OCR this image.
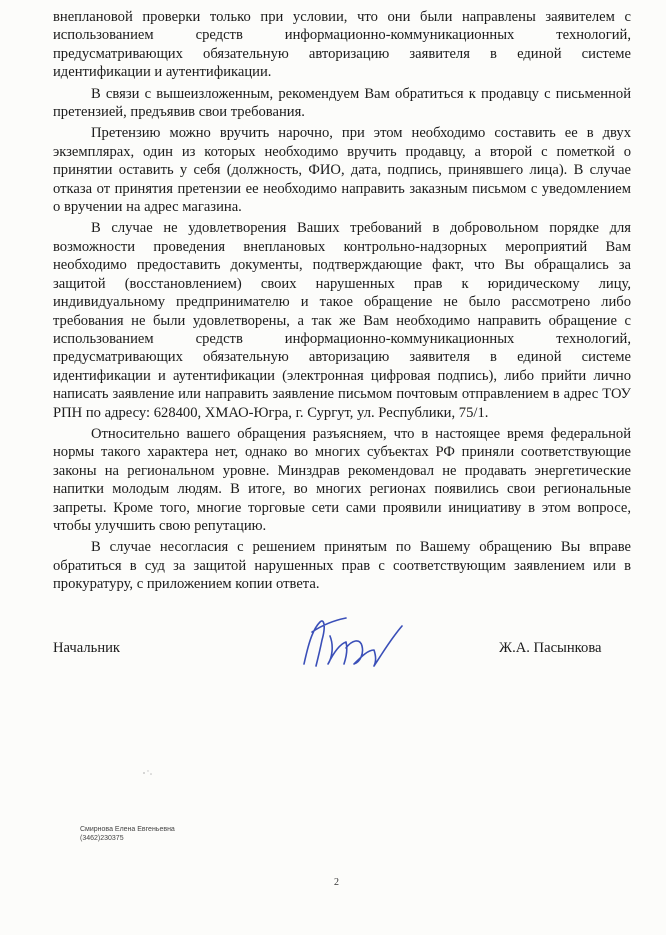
внеплановой проверки только при условии, что они были направлены заявителем с использованием средств информационно-коммуникационных технологий, предусматривающих обязательную авторизацию заявителя в единой системе идентификации и аутентификации.

В связи с вышеизложенным, рекомендуем Вам обратиться к продавцу с письменной претензией, предъявив свои требования.

Претензию можно вручить нарочно, при этом необходимо составить ее в двух экземплярах, один из которых необходимо вручить продавцу, а второй с пометкой о принятии оставить у себя (должность, ФИО, дата, подпись, принявшего лица). В случае отказа от принятия претензии ее необходимо направить заказным письмом с уведомлением о вручении на адрес магазина.

В случае не удовлетворения Ваших требований в добровольном порядке для возможности проведения внеплановых контрольно-надзорных мероприятий Вам необходимо предоставить документы, подтверждающие факт, что Вы обращались за защитой (восстановлением) своих нарушенных прав к юридическому лицу, индивидуальному предпринимателю и такое обращение не было рассмотрено либо требования не были удовлетворены, а так же Вам необходимо направить обращение с использованием средств информационно-коммуникационных технологий, предусматривающих обязательную авторизацию заявителя в единой системе идентификации и аутентификации (электронная цифровая подпись), либо прийти лично написать заявление или направить заявление письмом почтовым отправлением в адрес ТОУ РПН по адресу: 628400, ХМАО-Югра, г. Сургут, ул. Республики, 75/1.

Относительно вашего обращения разъясняем, что в настоящее время федеральной нормы такого характера нет, однако во многих субъектах РФ приняли соответствующие законы на региональном уровне. Минздрав рекомендовал не продавать энергетические напитки молодым людям. В итоге, во многих регионах появились свои региональные запреты. Кроме того, многие торговые сети сами проявили инициативу в этом вопросе, чтобы улучшить свою репутацию.

В случае несогласия с решением принятым по Вашему обращению Вы вправе обратиться в суд за защитой нарушенных прав с соответствующим заявлением или в прокуратуру, с приложением копии ответа.

Начальник	Ж.А. Пасынкова
Смирнова Елена Евгеньевна
(3462)230375
2
